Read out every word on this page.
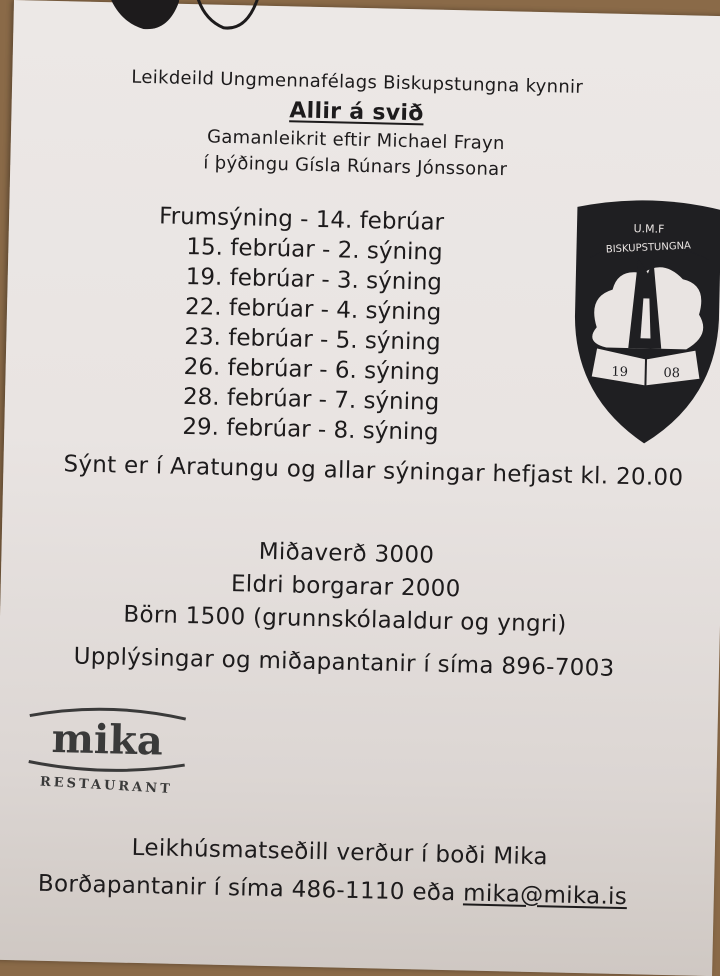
Leikdeild Ungmennafélags Biskupstungna kynnir
Allir á svið
Gamanleikrit eftir Michael Frayn
í þýðingu Gísla Rúnars Jónssonar
Frumsýning - 14. febrúar
15. febrúar - 2. sýning
19. febrúar - 3. sýning
22. febrúar - 4. sýning
23. febrúar - 5. sýning
26. febrúar - 6. sýning
28. febrúar - 7. sýning
29. febrúar - 8. sýning
U.M.F
BISKUPSTUNGNA
19	08
Sýnt er í Aratungu og allar sýningar hefjast kl. 20.00
Miðaverð 3000
Eldri borgarar 2000
Börn 1500 (grunnskólaaldur og yngri)
Upplýsingar og miðapantanir í síma 896-7003
mika
RESTAURANT
Leikhúsmatseðill verður í boði Mika
Borðapantanir í síma 486-1110 eða mika@mika.is
